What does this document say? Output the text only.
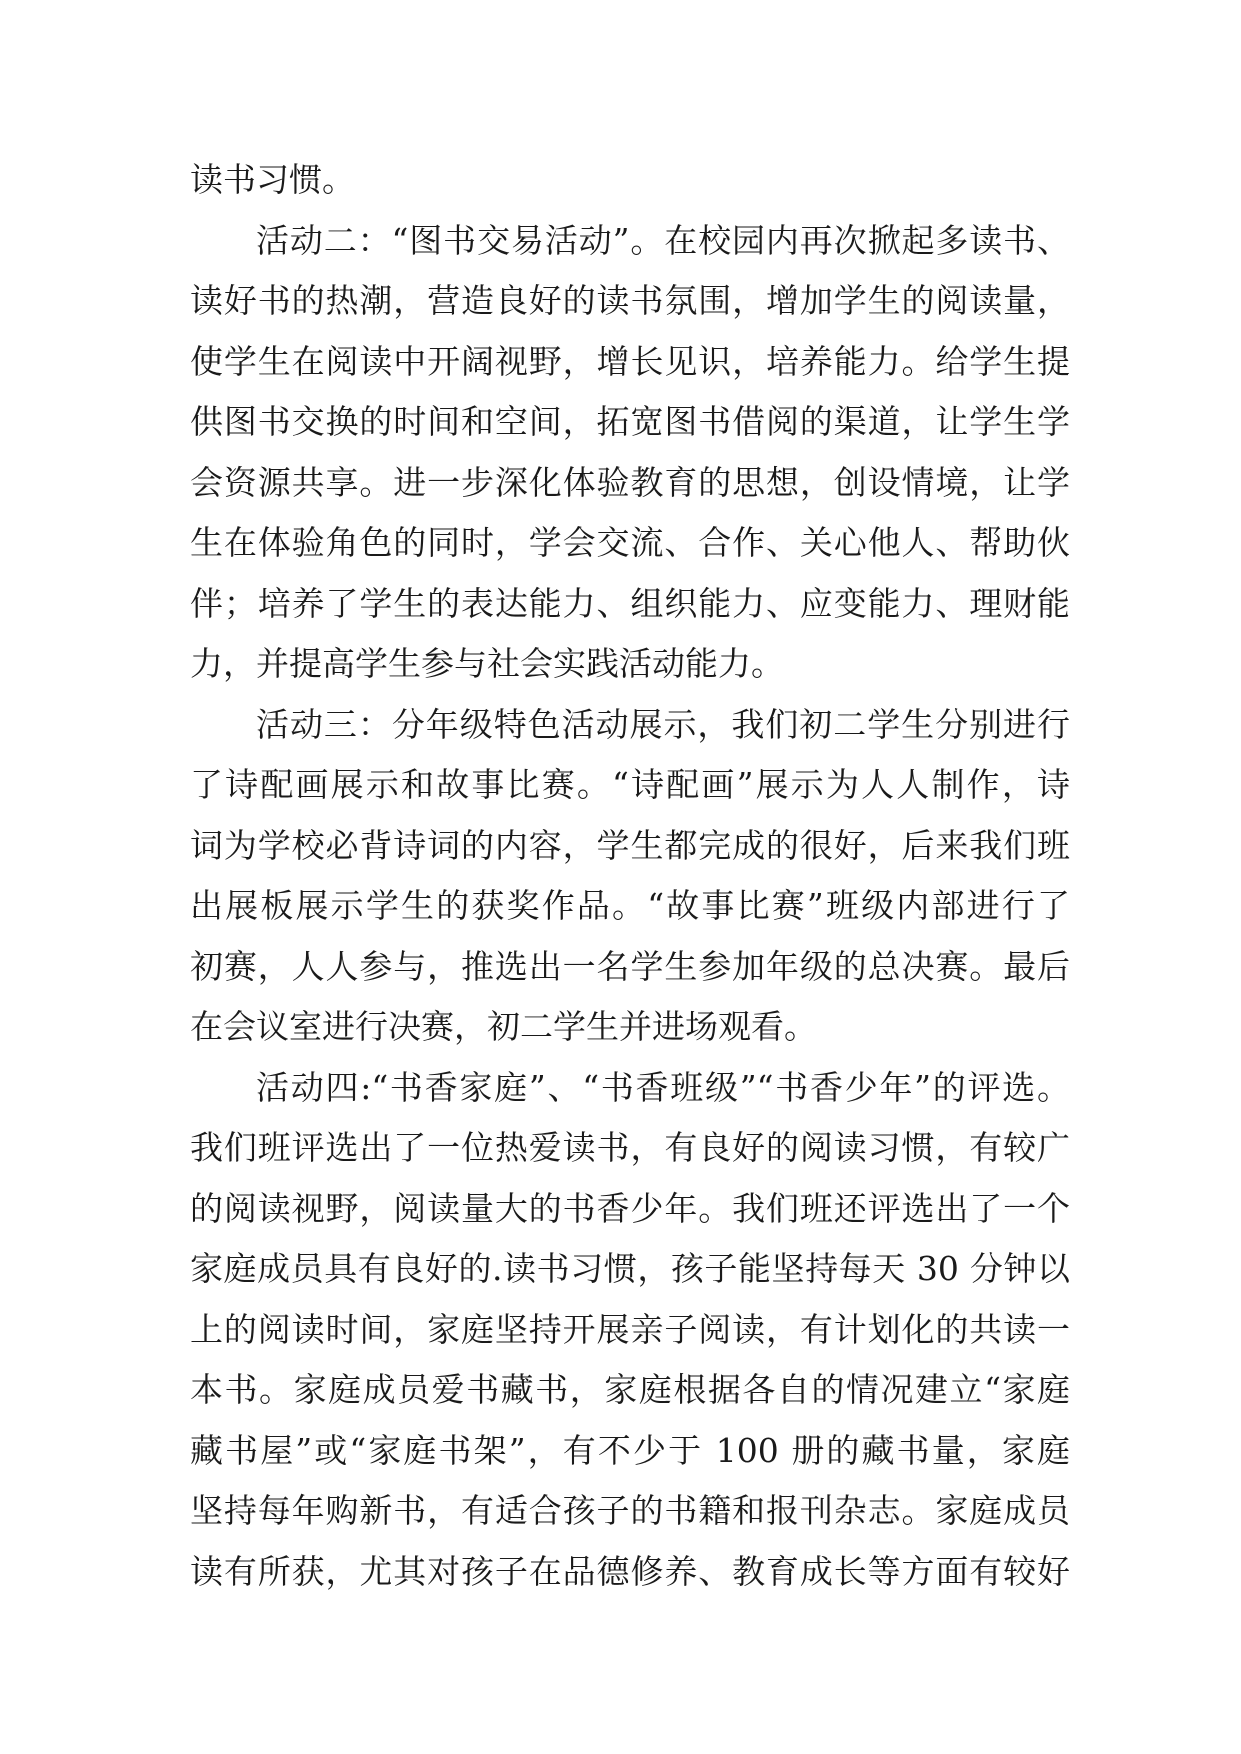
读书习惯。
活动二：“图书交易活动”。在校园内再次掀起多读书、
读好书的热潮，营造良好的读书氛围，增加学生的阅读量，
使学生在阅读中开阔视野，增长见识，培养能力。给学生提
供图书交换的时间和空间，拓宽图书借阅的渠道，让学生学
会资源共享。进一步深化体验教育的思想，创设情境，让学
生在体验角色的同时，学会交流、合作、关心他人、帮助伙
伴；培养了学生的表达能力、组织能力、应变能力、理财能
力，并提高学生参与社会实践活动能力。
活动三：分年级特色活动展示，我们初二学生分别进行
了诗配画展示和故事比赛。“诗配画”展示为人人制作，诗
词为学校必背诗词的内容，学生都完成的很好，后来我们班
出展板展示学生的获奖作品。“故事比赛”班级内部进行了
初赛，人人参与，推选出一名学生参加年级的总决赛。最后
在会议室进行决赛，初二学生并进场观看。
活动四:“书香家庭”、“书香班级”“书香少年”的评选。
我们班评选出了一位热爱读书，有良好的阅读习惯，有较广
的阅读视野，阅读量大的书香少年。我们班还评选出了一个
家庭成员具有良好的.读书习惯，孩子能坚持每天 30 分钟以
上的阅读时间，家庭坚持开展亲子阅读，有计划化的共读一
本书。家庭成员爱书藏书，家庭根据各自的情况建立“家庭
藏书屋”或“家庭书架”，有不少于 100 册的藏书量，家庭
坚持每年购新书，有适合孩子的书籍和报刊杂志。家庭成员
读有所获，尤其对孩子在品德修养、教育成长等方面有较好
